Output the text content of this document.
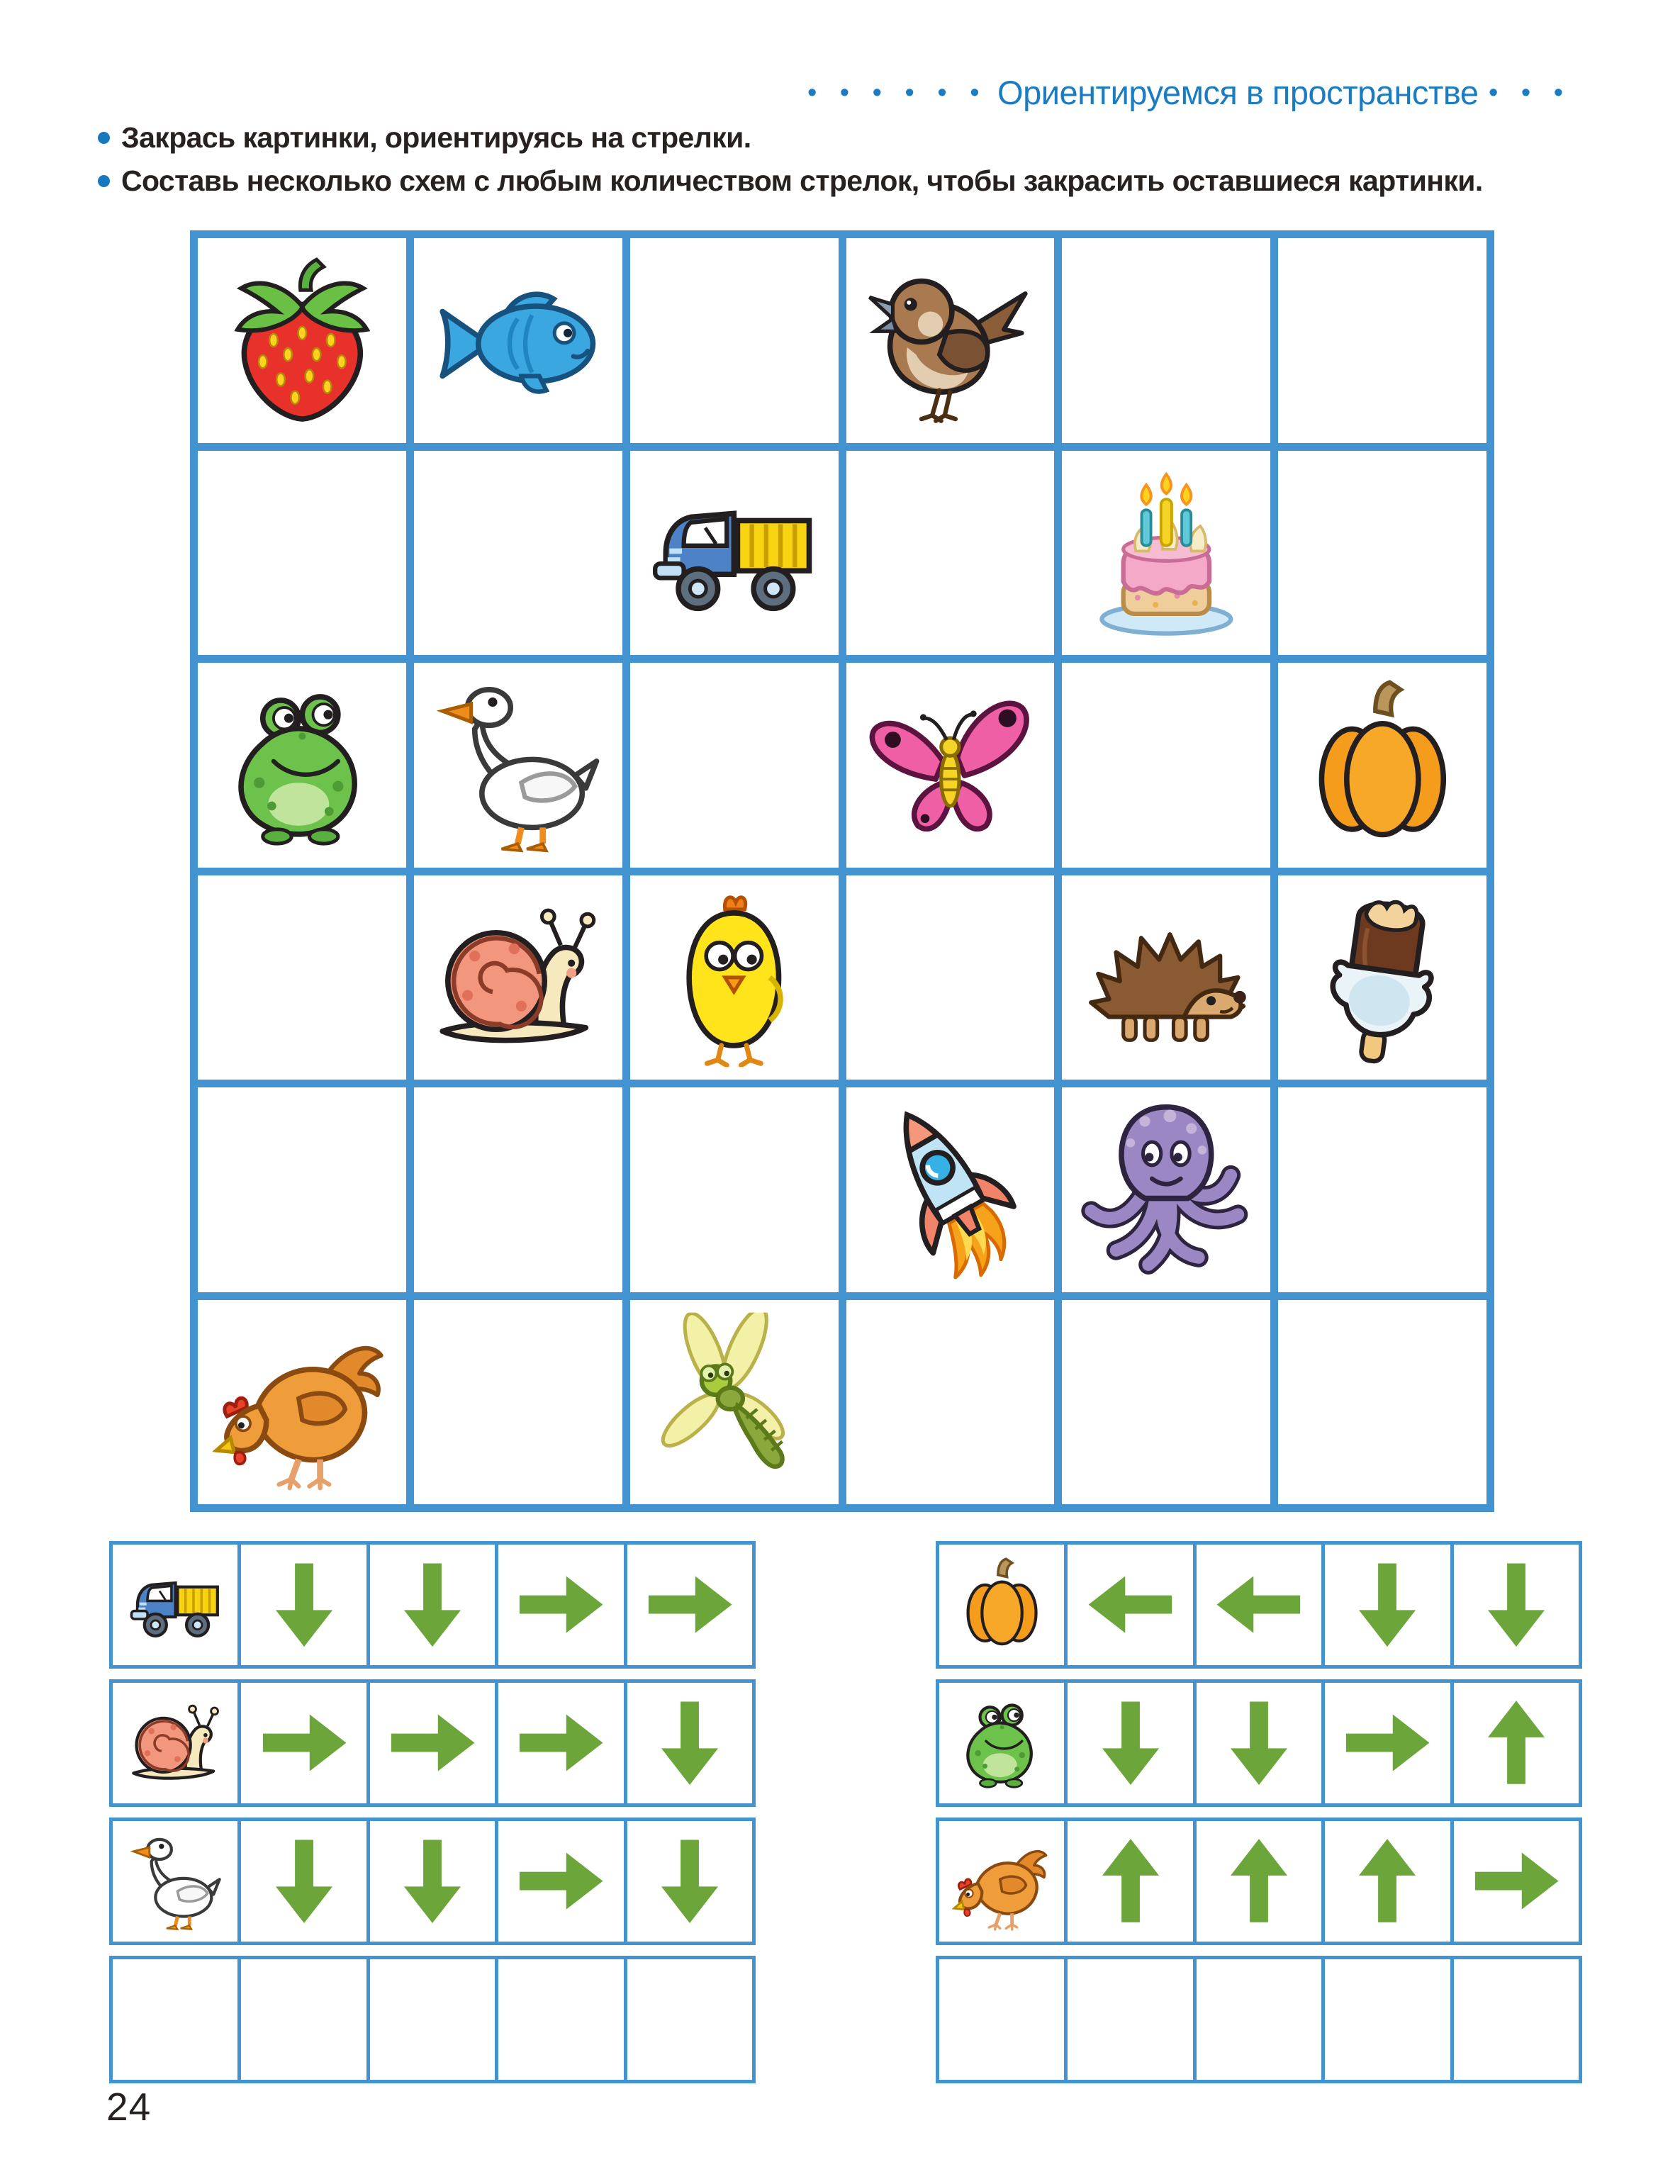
• • • • • • Ориентируемся в пространстве • • •
Закрась картинки, ориентируясь на стрелки.
Составь несколько схем с любым количеством стрелок, чтобы закрасить оставшиеся картинки.
24
